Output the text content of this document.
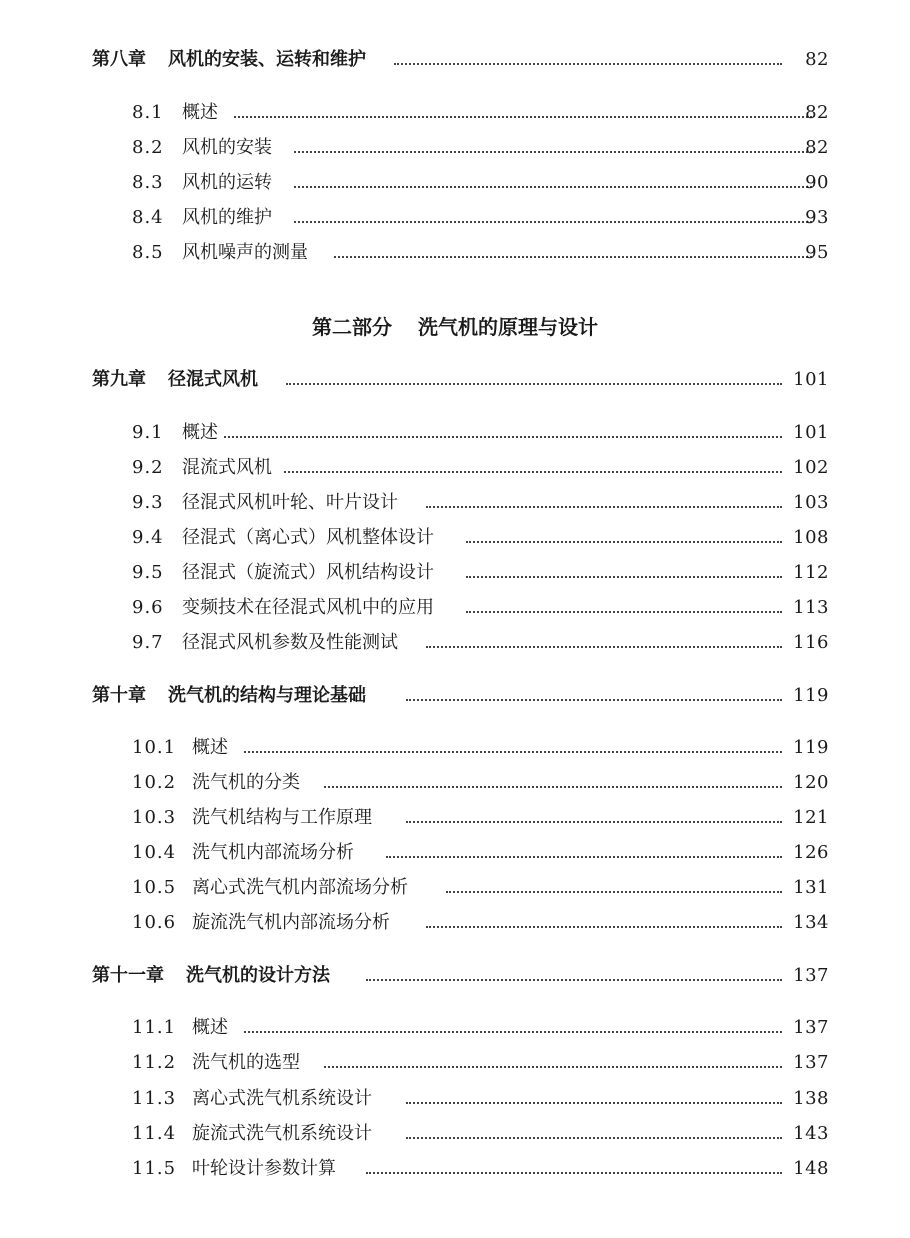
第八章 风机的安装、运转和维护	82
8.1 概述	82
8.2 风机的安装	82
8.3 风机的运转	90
8.4 风机的维护	93
8.5 风机噪声的测量	95
第二部分 洗气机的原理与设计
第九章 径混式风机	101
9.1 概述	101
9.2 混流式风机	102
9.3 径混式风机叶轮、叶片设计	103
9.4 径混式（离心式）风机整体设计	108
9.5 径混式（旋流式）风机结构设计	112
9.6 变频技术在径混式风机中的应用	113
9.7 径混式风机参数及性能测试	116
第十章 洗气机的结构与理论基础	119
10.1 概述	119
10.2 洗气机的分类	120
10.3 洗气机结构与工作原理	121
10.4 洗气机内部流场分析	126
10.5 离心式洗气机内部流场分析	131
10.6 旋流洗气机内部流场分析	134
第十一章 洗气机的设计方法	137
11.1 概述	137
11.2 洗气机的选型	137
11.3 离心式洗气机系统设计	138
11.4 旋流式洗气机系统设计	143
11.5 叶轮设计参数计算	148
